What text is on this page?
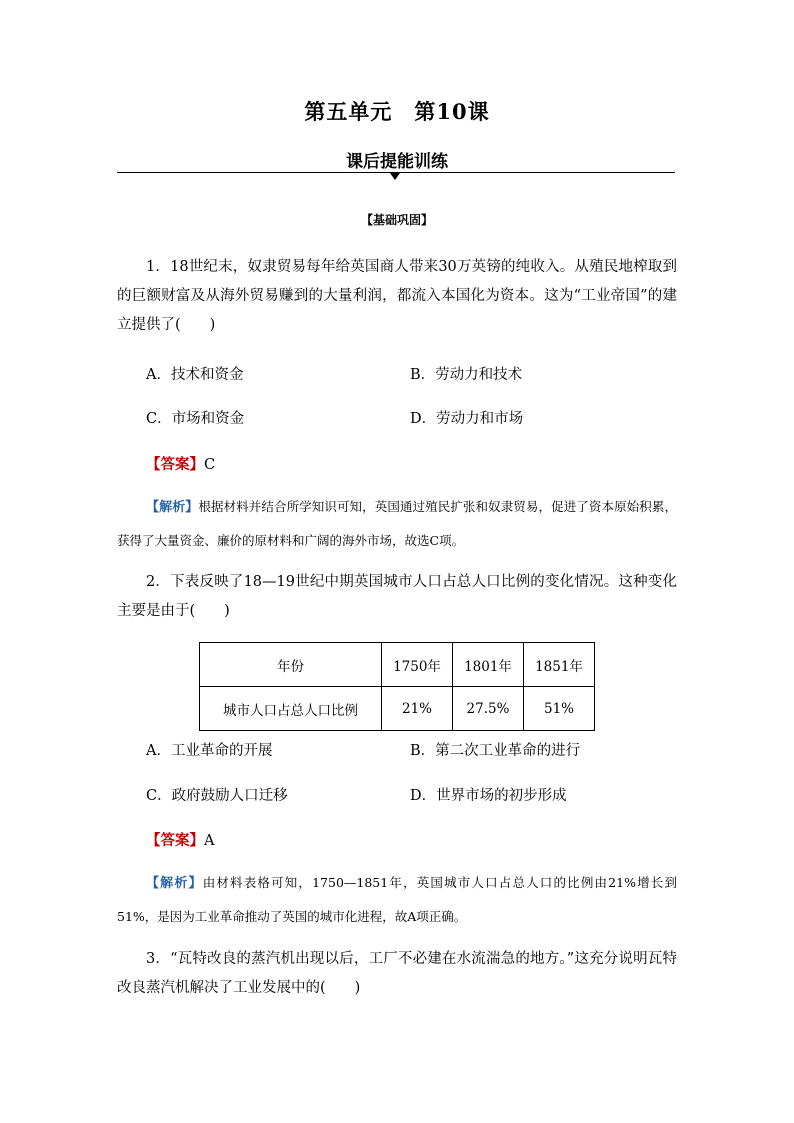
第五单元　第10课
课后提能训练
【基础巩固】

1．18世纪末，奴隶贸易每年给英国商人带来30万英镑的纯收入。从殖民地榨取到的巨额财富及从海外贸易赚到的大量利润，都流入本国化为资本。这为“工业帝国”的建立提供了(　　)

A．技术和资金	B．劳动力和技术
C．市场和资金	D．劳动力和市场
【答案】C

【解析】根据材料并结合所学知识可知，英国通过殖民扩张和奴隶贸易，促进了资本原始积累，获得了大量资金、廉价的原材料和广阔的海外市场，故选C项。

2．下表反映了18—19世纪中期英国城市人口占总人口比例的变化情况。这种变化主要是由于(　　)

年份	1750年	1801年	1851年
城市人口占总人口比例	21%	27.5%	51%
A．工业革命的开展	B．第二次工业革命的进行
C．政府鼓励人口迁移	D．世界市场的初步形成
【答案】A

【解析】由材料表格可知，1750—1851年，英国城市人口占总人口的比例由21%增长到51%，是因为工业革命推动了英国的城市化进程，故A项正确。

3．“瓦特改良的蒸汽机出现以后，工厂不必建在水流湍急的地方。”这充分说明瓦特改良蒸汽机解决了工业发展中的(　　)
